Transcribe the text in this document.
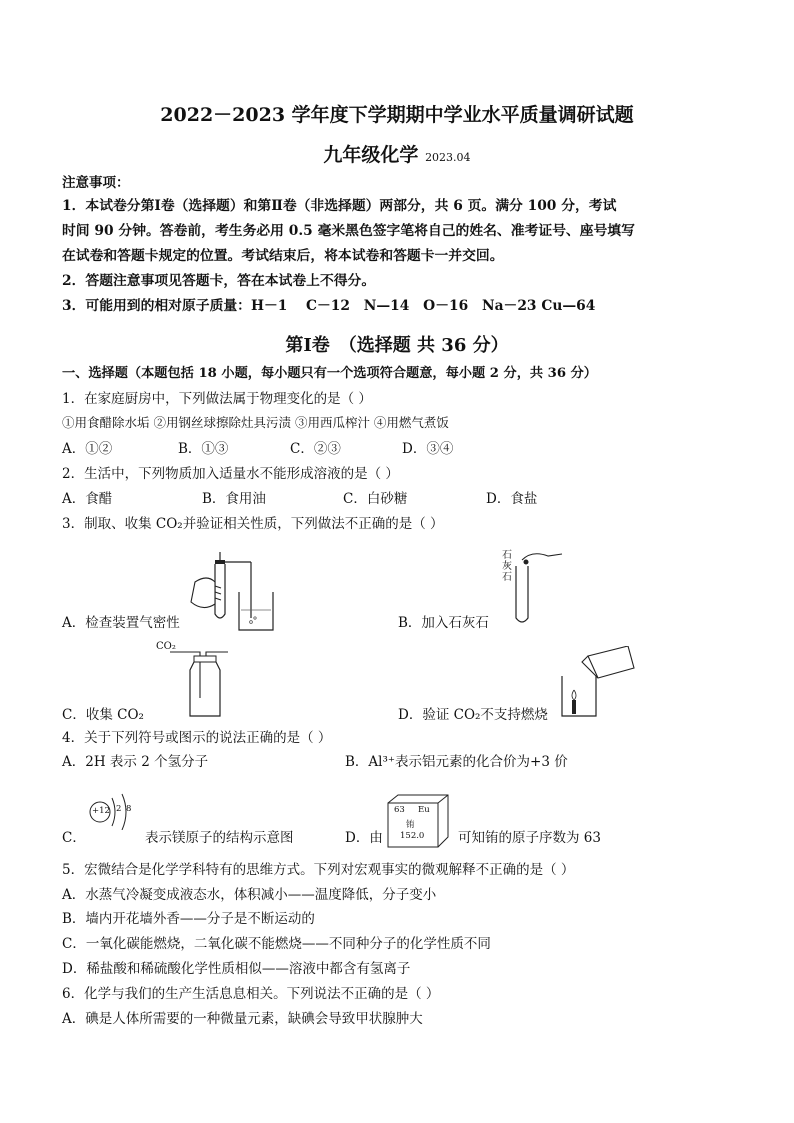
2022－2023 学年度下学期期中学业水平质量调研试题
九年级化学 2023.04
注意事项：
1．本试卷分第Ⅰ卷（选择题）和第Ⅱ卷（非选择题）两部分，共 6 页。满分 100 分，考试
时间 90 分钟。答卷前，考生务必用 0.5 毫米黑色签字笔将自己的姓名、准考证号、座号填写
在试卷和答题卡规定的位置。考试结束后，将本试卷和答题卡一并交回。
2．答题注意事项见答题卡，答在本试卷上不得分。
3．可能用到的相对原子质量：H－1　 C－12　N—14　O－16　Na－23 Cu—64
第Ⅰ卷　（选择题 共 36 分）
一、选择题（本题包括 18 小题，每小题只有一个选项符合题意，每小题 2 分，共 36 分）
1．在家庭厨房中，下列做法属于物理变化的是（ ）
①用食醋除水垢 ②用钢丝球擦除灶具污渍 ③用西瓜榨汁 ④用燃气煮饭
A．①②	B．①③	C．②③	D．③④
2．生活中，下列物质加入适量水不能形成溶液的是（ ）
A．食醋	B．食用油	C．白砂糖	D．食盐
3．制取、收集 CO₂并验证相关性质，下列做法不正确的是（ ）
A．检查装置气密性
石
灰
石
B．加入石灰石
CO₂
C．收集 CO₂	D．验证 CO₂不支持燃烧
4．关于下列符号或图示的说法正确的是（ ）
A．2H 表示 2 个氢分子	B．Al³⁺表示铝元素的化合价为+3 价
+12 2 8
C．	表示镁原子的结构示意图	D．由
63 Eu
铕
152.0 可知铕的原子序数为 63
5．宏微结合是化学学科特有的思维方式。下列对宏观事实的微观解释不正确的是（ ）
A．水蒸气冷凝变成液态水，体积减小——温度降低，分子变小
B．墙内开花墙外香——分子是不断运动的
C．一氧化碳能燃烧，二氧化碳不能燃烧——不同种分子的化学性质不同
D．稀盐酸和稀硫酸化学性质相似——溶液中都含有氢离子
6．化学与我们的生产生活息息相关。下列说法不正确的是（ ）
A．碘是人体所需要的一种微量元素，缺碘会导致甲状腺肿大
